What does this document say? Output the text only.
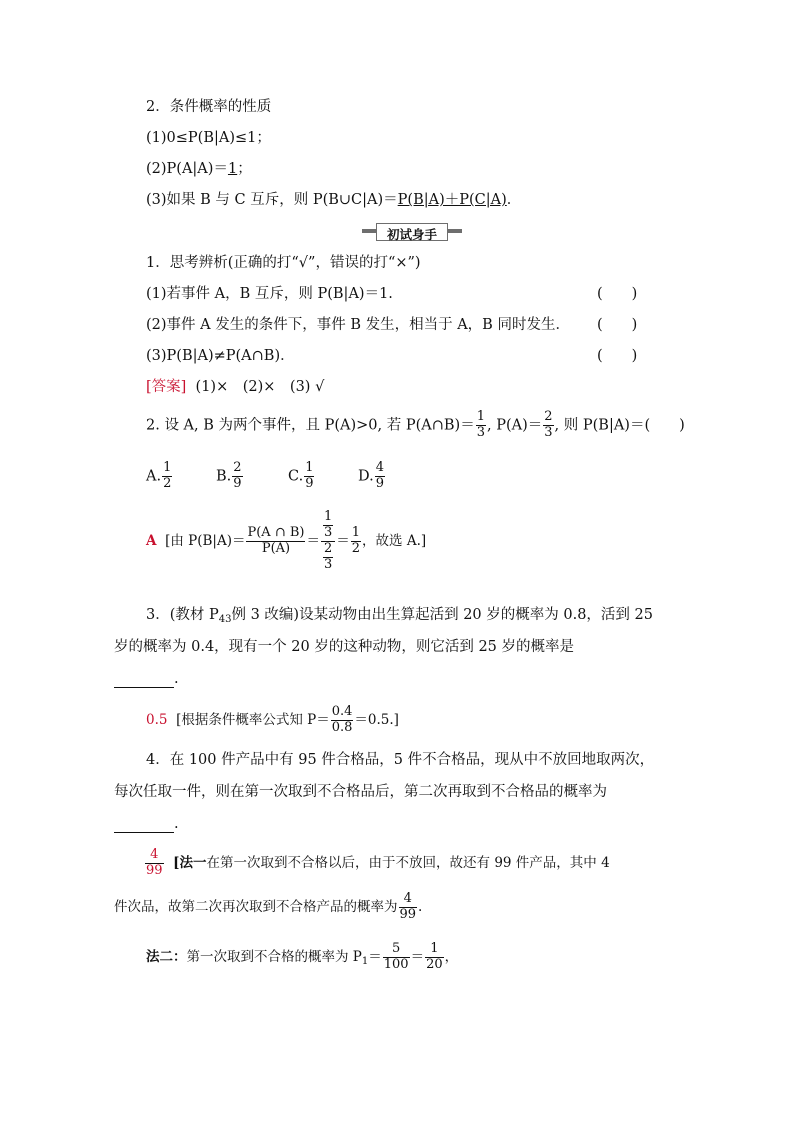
2．条件概率的性质
(1)0≤P(B|A)≤1；
(2)P(A|A)＝1；
(3)如果 B 与 C 互斥，则 P(B∪C|A)＝P(B|A)＋P(C|A)．
初试身手
1．思考辨析(正确的打“√”，错误的打“×”)
(1)若事件 A，B 互斥，则 P(B|A)＝1.	(　　)
(2)事件 A 发生的条件下，事件 B 发生，相当于 A，B 同时发生． (　　)
(3)P(B|A)≠P(A∩B)．	(　　)
[答案] (1)×　(2)×　(3) √
2. 设 A, B 为两个事件，且 P(A)>0, 若 P(A∩B)＝ $\frac{1}{3}$ , $P(A)= \frac{2}{3}$ , 则 P(B|A)＝(　　)
A. $\frac{1}{2}$	B. $\frac{2}{9}$	C. $\frac{1}{9}$	D. $\frac{4}{9}$
A [由 $P(B|A)= \frac{P(A \cap B)}{P(A)} = \frac{\frac{1}{3}}{\frac{2}{3}} = \frac{1}{2}$ ，故选 A.]
3．(教材 $P_{43}$例 3 改编)设某动物由出生算起活到 20 岁的概率为 0.8，活到 25
岁的概率为 0.4，现有一个 20 岁的这种动物，则它活到 25 岁的概率是
.
0.5 [根据条件概率公式知 $P= \frac{0.4}{0.8} =0.5$.]
4．在 100 件产品中有 95 件合格品，5 件不合格品，现从中不放回地取两次，
每次任取一件，则在第一次取到不合格品后，第二次再取到不合格品的概率为
.
$\frac{4}{99}$ [法一在第一次取到不合格以后，由于不放回，故还有 99 件产品，其中 4
件次品，故第二次再次取到不合格产品的概率为 $\frac{4}{99}$ .
法二：第一次取到不合格的概率为 $P_1= \frac{5}{100} = \frac{1}{20}$ ，
